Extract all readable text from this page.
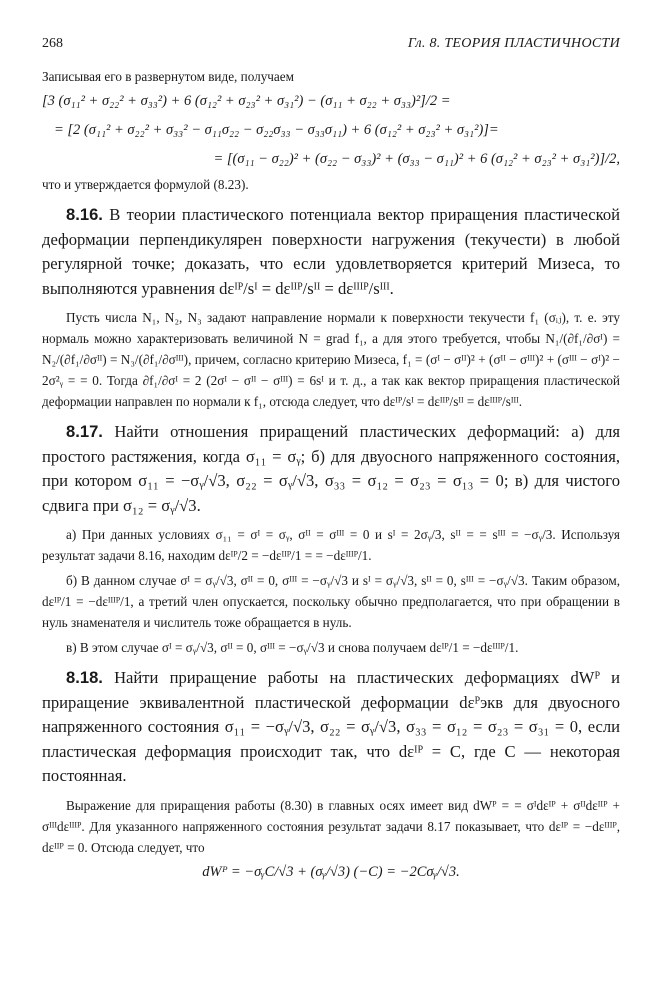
268	Гл. 8. ТЕОРИЯ ПЛАСТИЧНОСТИ

Записывая его в развернутом виде, получаем

[3 (σ₁₁² + σ₂₂² + σ₃₃²) + 6 (σ₁₂² + σ₂₃² + σ₃₁²) − (σ₁₁ + σ₂₂ + σ₃₃)²]/2 =

= [2 (σ₁₁² + σ₂₂² + σ₃₃² − σ₁₁σ₂₂ − σ₂₂σ₃₃ − σ₃₃σ₁₁) + 6 (σ₁₂² + σ₂₃² + σ₃₁²)]=

= [(σ₁₁ − σ₂₂)² + (σ₂₂ − σ₃₃)² + (σ₃₃ − σ₁₁)² + 6 (σ₁₂² + σ₂₃² + σ₃₁²)]/2,

что и утверждается формулой (8.23).

8.16. В теории пластического потенциала вектор приращения пластической деформации перпендикулярен поверхности нагружения (текучести) в любой регулярной точке; доказать, что если удовлетворяется критерий Мизеса, то выполняются уравнения dεᴵᴾ/sᴵ = dεᴵᴵᴾ/sᴵᴵ = dεᴵᴵᴵᴾ/sᴵᴵᴵ.

Пусть числа N₁, N₂, N₃ задают направление нормали к поверхности текучести f₁ (σᵢⱼ), т. е. эту нормаль можно характеризовать величиной N = grad f₁, а для этого требуется, чтобы N₁/(∂f₁/∂σᴵ) = N₂/(∂f₁/∂σᴵᴵ) = N₃/(∂f₁/∂σᴵᴵᴵ), причем, согласно критерию Мизеса, f₁ = (σᴵ − σᴵᴵ)² + (σᴵᴵ − σᴵᴵᴵ)² + (σᴵᴵᴵ − σᴵ)² − 2σ²ᵧ = = 0. Тогда ∂f₁/∂σᴵ = 2 (2σᴵ − σᴵᴵ − σᴵᴵᴵ) = 6sᴵ и т. д., а так как вектор приращения пластической деформации направлен по нормали к f₁, отсюда следует, что dεᴵᴾ/sᴵ = dεᴵᴵᴾ/sᴵᴵ = dεᴵᴵᴵᴾ/sᴵᴵᴵ.

8.17. Найти отношения приращений пластических деформаций: а) для простого растяжения, когда σ₁₁ = σᵧ; б) для двуосного напряженного состояния, при котором σ₁₁ = −σᵧ/√3, σ₂₂ = σᵧ/√3, σ₃₃ = σ₁₂ = σ₂₃ = σ₁₃ = 0; в) для чистого сдвига при σ₁₂ = σᵧ/√3.

а) При данных условиях σ₁₁ = σᴵ = σᵧ, σᴵᴵ = σᴵᴵᴵ = 0 и sᴵ = 2σᵧ/3, sᴵᴵ = = sᴵᴵᴵ = −σᵧ/3. Используя результат задачи 8.16, находим dεᴵᴾ/2 = −dεᴵᴵᴾ/1 = = −dεᴵᴵᴵᴾ/1.

б) В данном случае σᴵ = σᵧ/√3, σᴵᴵ = 0, σᴵᴵᴵ = −σᵧ/√3 и sᴵ = σᵧ/√3, sᴵᴵ = 0, sᴵᴵᴵ = −σᵧ/√3. Таким образом, dεᴵᴾ/1 = −dεᴵᴵᴵᴾ/1, а третий член опускается, поскольку обычно предполагается, что при обращении в нуль знаменателя и числитель тоже обращается в нуль.

в) В этом случае σᴵ = σᵧ/√3, σᴵᴵ = 0, σᴵᴵᴵ = −σᵧ/√3 и снова получаем dεᴵᴾ/1 = −dεᴵᴵᴵᴾ/1.

8.18. Найти приращение работы на пластических деформациях dWᴾ и приращение эквивалентной пластической деформации dεᴾэкв для двуосного напряженного состояния σ₁₁ = −σᵧ/√3, σ₂₂ = σᵧ/√3, σ₃₃ = σ₁₂ = σ₂₃ = σ₃₁ = 0, если пластическая деформация происходит так, что dεᴵᴾ = C, где C — некоторая постоянная.

Выражение для приращения работы (8.30) в главных осях имеет вид dWᴾ = = σᴵdεᴵᴾ + σᴵᴵdεᴵᴵᴾ + σᴵᴵᴵdεᴵᴵᴵᴾ. Для указанного напряженного состояния результат задачи 8.17 показывает, что dεᴵᴾ = −dεᴵᴵᴵᴾ, dεᴵᴵᴾ = 0. Отсюда следует, что

dWᴾ = −σᵧC/√3 + (σᵧ/√3) (−C) = −2Cσᵧ/√3.
